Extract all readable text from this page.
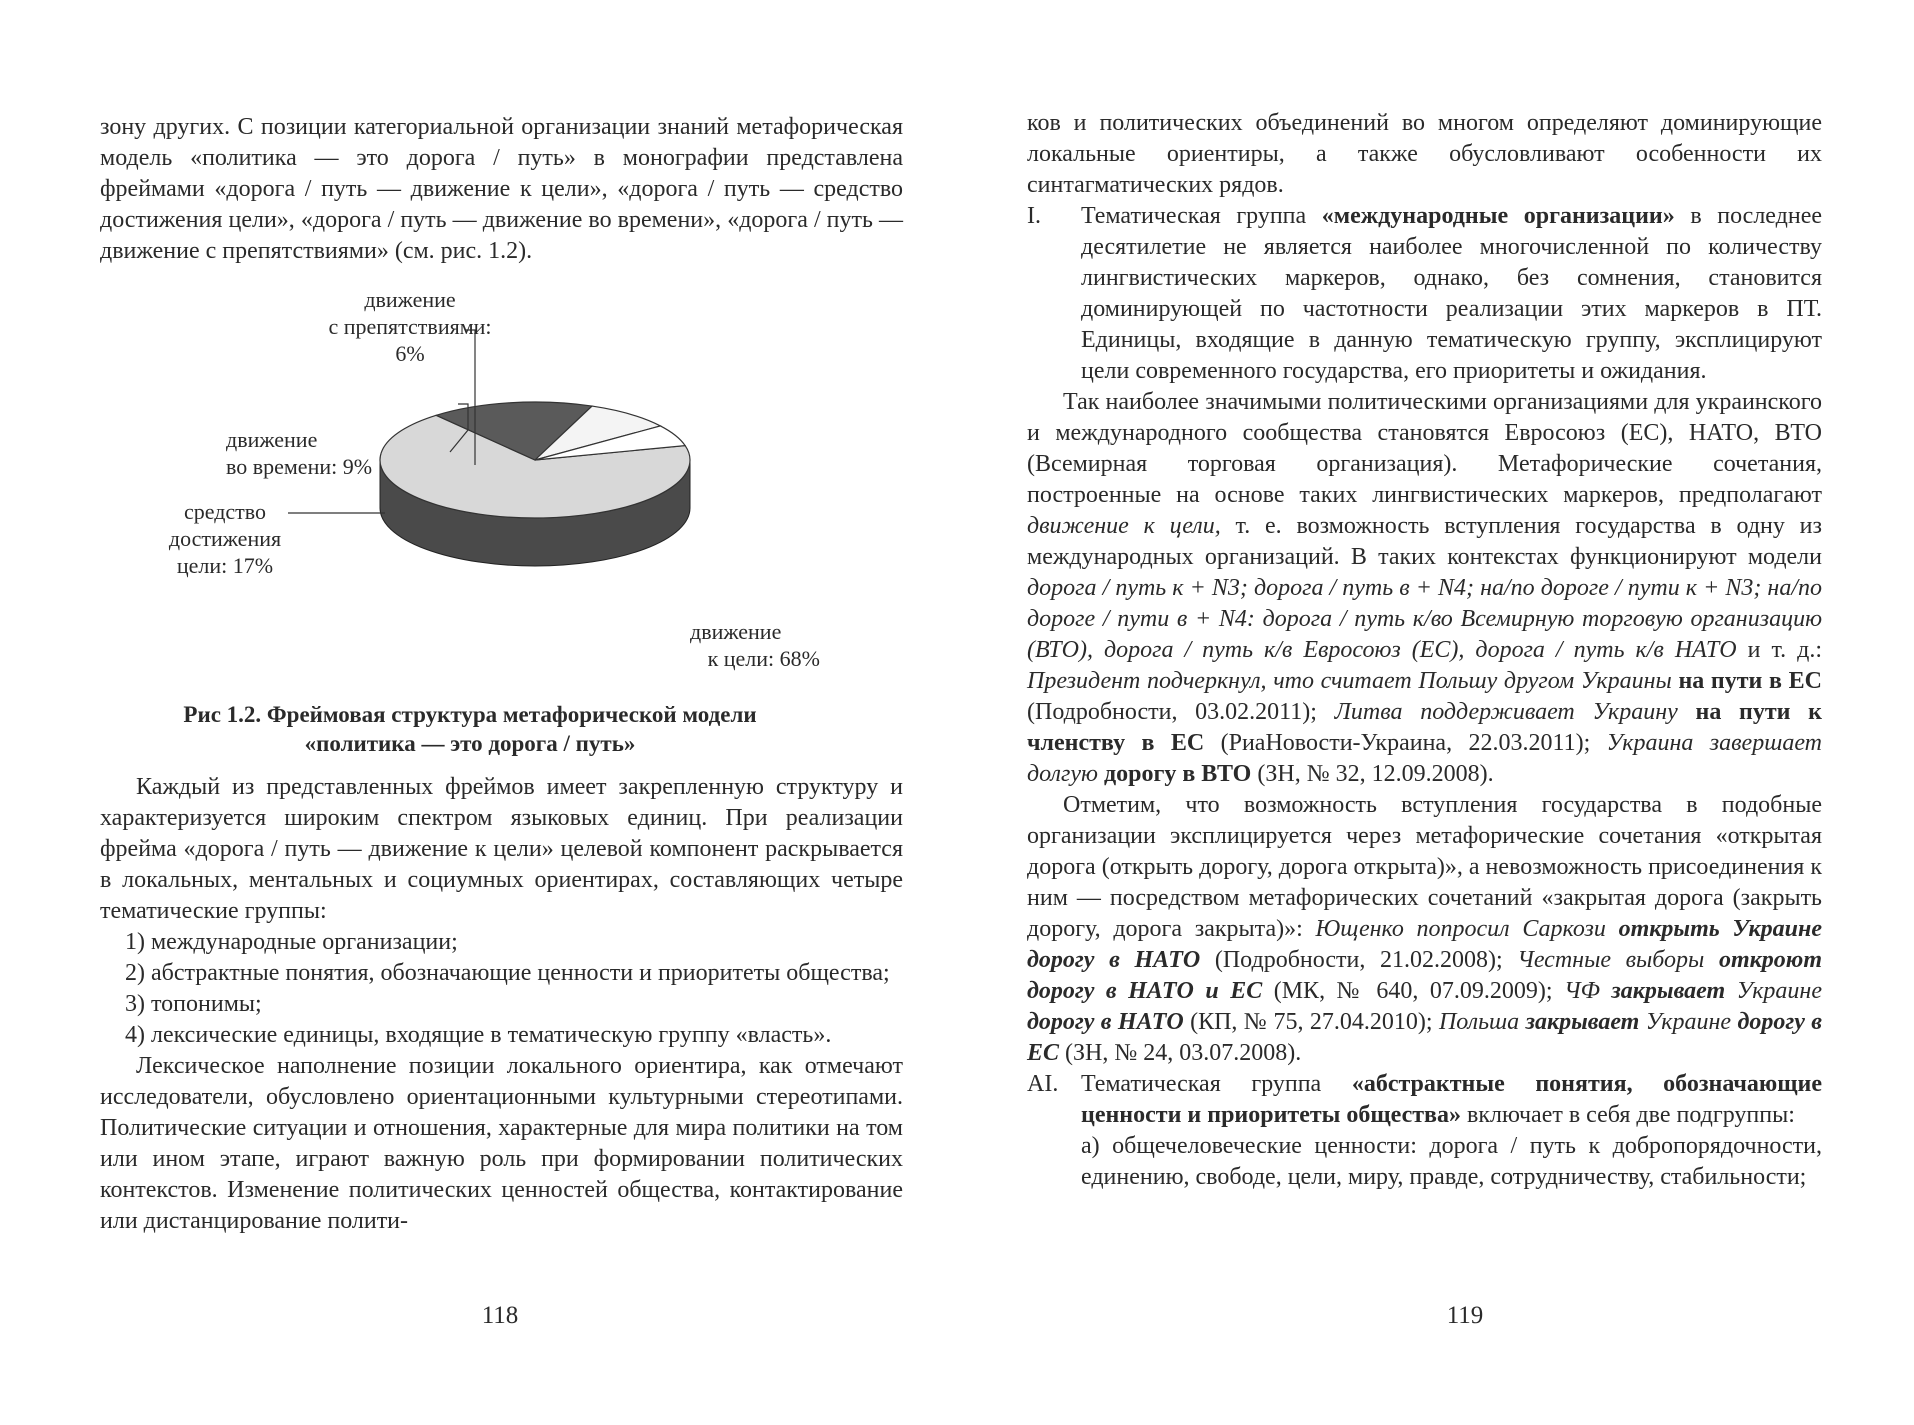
зону других. С позиции категориальной организации знаний метафорическая модель «политика — это дорога / путь» в монографии представлена фреймами «дорога / путь — движение к цели», «дорога / путь — средство достижения цели», «дорога / путь — движение во времени», «дорога / путь — движение с препятствиями» (см. рис. 1.2).

движение
с препятствиями:
6%
движение
во времени: 9%
средство
достижения
цели: 17%
движение
к цели: 68%
Рис 1.2. Фреймовая структура метафорической модели
«политика — это дорога / путь»

Каждый из представленных фреймов имеет закрепленную структуру и характеризуется широким спектром языковых единиц. При реализации фрейма «дорога / путь — движение к цели» целевой компонент раскрывается в локальных, ментальных и социумных ориентирах, составляющих четыре тематические группы:

1) международные организации;

2) абстрактные понятия, обозначающие ценности и приоритеты общества;

3) топонимы;

4) лексические единицы, входящие в тематическую группу «власть».

Лексическое наполнение позиции локального ориентира, как отмечают исследователи, обусловлено ориентационными культурными стереотипами. Политические ситуации и отношения, характерные для мира политики на том или ином этапе, играют важную роль при формировании политических контекстов. Изменение политических ценностей общества, контактирование или дистанцирование полити-

118

ков и политических объединений во многом определяют доминирующие локальные ориентиры, а также обусловливают особенности их синтагматических рядов.

I. Тематическая группа «международные организации» в последнее десятилетие не является наиболее многочисленной по количеству лингвистических маркеров, однако, без сомнения, становится доминирующей по частотности реализации этих маркеров в ПТ. Единицы, входящие в данную тематическую группу, эксплицируют цели современного государства, его приоритеты и ожидания.

Так наиболее значимыми политическими организациями для украинского и международного сообщества становятся Евросоюз (ЕС), НАТО, ВТО (Всемирная торговая организация). Метафорические сочетания, построенные на основе таких лингвистических маркеров, предполагают движение к цели, т. е. возможность вступления государства в одну из международных организаций. В таких контекстах функционируют модели дорога / путь к + N3; дорога / путь в + N4; на/по дороге / пути к + N3; на/по дороге / пути в + N4: дорога / путь к/во Всемирную торговую организацию (ВТО), дорога / путь к/в Евросоюз (ЕС), дорога / путь к/в НАТО и т. д.: Президент подчеркнул, что считает Польшу другом Украины на пути в ЕС (Подробности, 03.02.2011); Литва поддерживает Украину на пути к членству в ЕС (РиаНовости-Украина, 22.03.2011); Украина завершает долгую дорогу в ВТО (ЗН, № 32, 12.09.2008).

Отметим, что возможность вступления государства в подобные организации эксплицируется через метафорические сочетания «открытая дорога (открыть дорогу, дорога открыта)», а невозможность присоединения к ним — посредством метафорических сочетаний «закрытая дорога (закрыть дорогу, дорога закрыта)»: Ющенко попросил Саркози открыть Украине дорогу в НАТО (Подробности, 21.02.2008); Честные выборы откроют дорогу в НАТО и ЕС (МК, № 640, 07.09.2009); ЧФ закрывает Украине дорогу в НАТО (КП, № 75, 27.04.2010); Польша закрывает Украине дорогу в ЕС (ЗН, № 24, 03.07.2008).

AI. Тематическая группа «абстрактные понятия, обозначающие ценности и приоритеты общества» включает в себя две подгруппы:

а) общечеловеческие ценности: дорога / путь к добропорядочности, единению, свободе, цели, миру, правде, сотрудничеству, стабильности;

119
